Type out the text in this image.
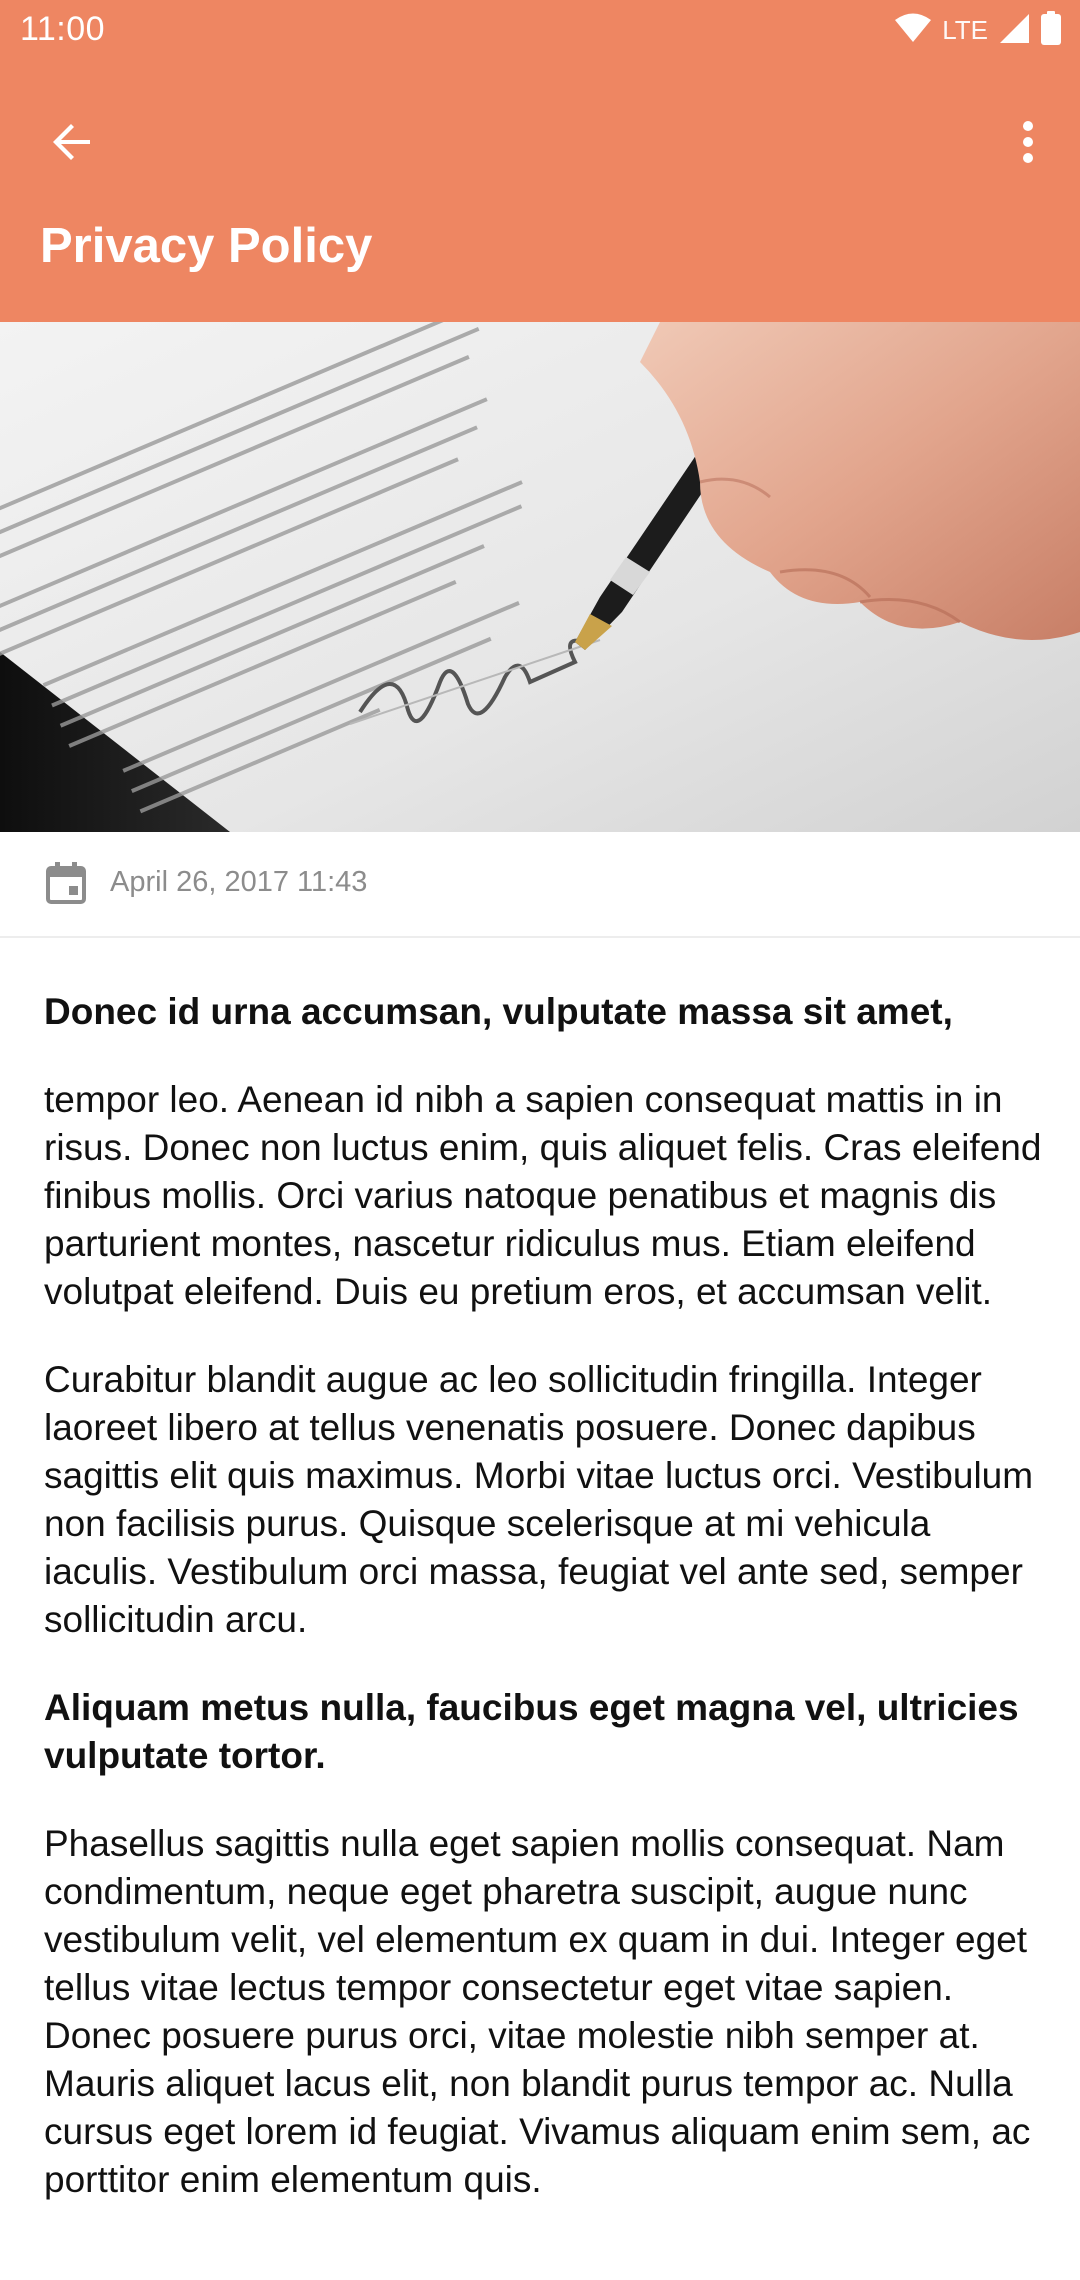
11:00	LTE
Privacy Policy
April 26, 2017 11:43
Donec id urna accumsan, vulputate massa sit amet,

tempor leo. Aenean id nibh a sapien consequat mattis in in risus. Donec non luctus enim, quis aliquet felis. Cras eleifend finibus mollis. Orci varius natoque penatibus et magnis dis parturient montes, nascetur ridiculus mus. Etiam eleifend volutpat eleifend. Duis eu pretium eros, et accumsan velit.

Curabitur blandit augue ac leo sollicitudin fringilla. Integer laoreet libero at tellus venenatis posuere. Donec dapibus sagittis elit quis maximus. Morbi vitae luctus orci. Vestibulum non facilisis purus. Quisque scelerisque at mi vehicula iaculis. Vestibulum orci massa, feugiat vel ante sed, semper sollicitudin arcu.

Aliquam metus nulla, faucibus eget magna vel, ultricies vulputate tortor.

Phasellus sagittis nulla eget sapien mollis consequat. Nam condimentum, neque eget pharetra suscipit, augue nunc vestibulum velit, vel elementum ex quam in dui. Integer eget tellus vitae lectus tempor consectetur eget vitae sapien. Donec posuere purus orci, vitae molestie nibh semper at. Mauris aliquet lacus elit, non blandit purus tempor ac. Nulla cursus eget lorem id feugiat. Vivamus aliquam enim sem, ac porttitor enim elementum quis.
